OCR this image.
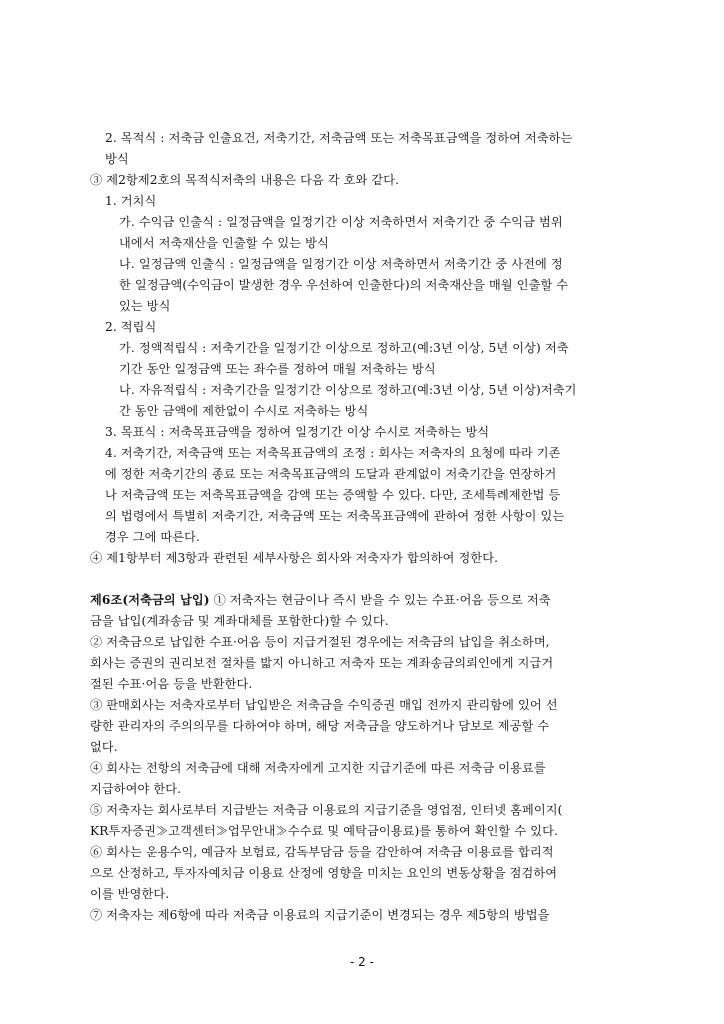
2. 목적식 : 저축금 인출요건, 저축기간, 저축금액 또는 저축목표금액을 정하여 저축하는
방식
③ 제2항제2호의 목적식저축의 내용은 다음 각 호와 같다.
1. 거치식
가. 수익금 인출식 : 일정금액을 일정기간 이상 저축하면서 저축기간 중 수익금 범위
내에서 저축재산을 인출할 수 있는 방식
나. 일정금액 인출식 : 일정금액을 일정기간 이상 저축하면서 저축기간 중 사전에 정
한 일정금액(수익금이 발생한 경우 우선하여 인출한다)의 저축재산을 매월 인출할 수
있는 방식
2. 적립식
가. 정액적립식 : 저축기간을 일정기간 이상으로 정하고(예:3년 이상, 5년 이상) 저축
기간 동안 일정금액 또는 좌수를 정하여 매월 저축하는 방식
나. 자유적립식 : 저축기간을 일정기간 이상으로 정하고(예:3년 이상, 5년 이상)저축기
간 동안 금액에 제한없이 수시로 저축하는 방식
3. 목표식 : 저축목표금액을 정하여 일정기간 이상 수시로 저축하는 방식
4. 저축기간, 저축금액 또는 저축목표금액의 조정 : 회사는 저축자의 요청에 따라 기존
에 정한 저축기간의 종료 또는 저축목표금액의 도달과 관계없이 저축기간을 연장하거
나 저축금액 또는 저축목표금액을 감액 또는 증액할 수 있다. 다만, 조세특례제한법 등
의 법령에서 특별히 저축기간, 저축금액 또는 저축목표금액에 관하여 정한 사항이 있는
경우 그에 따른다.
④ 제1항부터 제3항과 관련된 세부사항은 회사와 저축자가 합의하여 정한다.
제6조(저축금의 납입) ① 저축자는 현금이나 즉시 받을 수 있는 수표·어음 등으로 저축
금을 납입(계좌송금 및 계좌대체를 포함한다)할 수 있다.
② 저축금으로 납입한 수표·어음 등이 지급거절된 경우에는 저축금의 납입을 취소하며,
회사는 증권의 권리보전 절차를 밟지 아니하고 저축자 또는 계좌송금의뢰인에게 지급거
절된 수표·어음 등을 반환한다.
③ 판매회사는 저축자로부터 납입받은 저축금을 수익증권 매입 전까지 관리함에 있어 선
량한 관리자의 주의의무를 다하여야 하며, 해당 저축금을 양도하거나 담보로 제공할 수
없다.
④ 회사는 전항의 저축금에 대해 저축자에게 고지한 지급기준에 따른 저축금 이용료를
지급하여야 한다.
⑤ 저축자는 회사로부터 지급받는 저축금 이용료의 지급기준을 영업점, 인터넷 홈페이지(
KR투자증권≫고객센터≫업무안내≫수수료 및 예탁금이용료)를 통하여 확인할 수 있다.
⑥ 회사는 운용수익, 예금자 보험료, 감독부담금 등을 감안하여 저축금 이용료를 합리적
으로 산정하고, 투자자예치금 이용료 산정에 영향을 미치는 요인의 변동상황을 점검하여
이를 반영한다.
⑦ 저축자는 제6항에 따라 저축금 이용료의 지급기준이 변경되는 경우 제5항의 방법을
- 2 -
